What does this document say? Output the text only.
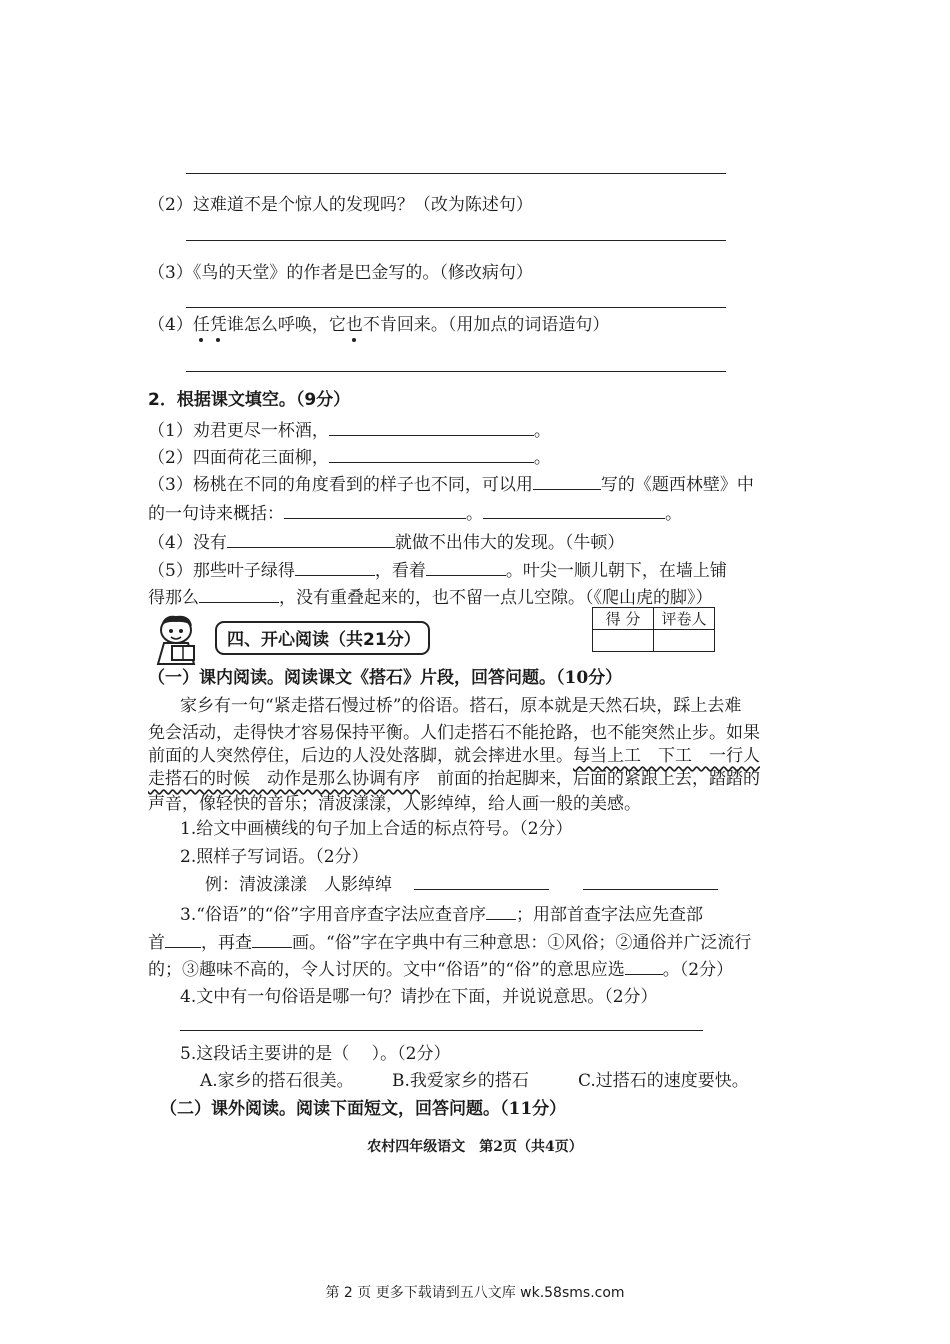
（2）这难道不是个惊人的发现吗？（改为陈述句）
（3）《鸟的天堂》的作者是巴金写的。（修改病句）
（4）任凭谁怎么呼唤，它也不肯回来。（用加点的词语造句）
2．根据课文填空。（9分）
（1）劝君更尽一杯酒，	。
（2）四面荷花三面柳，	。
（3）杨桃在不同的角度看到的样子也不同，可以用	写的《题西林壁》中
的一句诗来概括：	。	。
（4）没有	就做不出伟大的发现。（牛顿）
（5）那些叶子绿得	，看着	。叶尖一顺儿朝下，在墙上铺
得那么	，没有重叠起来的，也不留一点儿空隙。（《爬山虎的脚》）
四、开心阅读（共21分）
得 分	评卷人

（一）课内阅读。阅读课文《搭石》片段，回答问题。（10分）
家乡有一句“紧走搭石慢过桥”的俗语。搭石，原本就是天然石块，踩上去难
免会活动，走得快才容易保持平衡。人们走搭石不能抢路，也不能突然止步。如果
前面的人突然停住，后边的人没处落脚，就会摔进水里。每当上工　下工　一行人
走搭石的时候　动作是那么协调有序　前面的抬起脚来，后面的紧跟上去，踏踏的
声音，像轻快的音乐；清波漾漾，人影绰绰，给人画一般的美感。
1.给文中画横线的句子加上合适的标点符号。（2分）
2.照样子写词语。（2分）
例：清波漾漾　人影绰绰
3.“俗语”的“俗”字用音序查字法应查音序 ；用部首查字法应先查部
首 ，再查 画。“俗”字在字典中有三种意思：①风俗；②通俗并广泛流行
的；③趣味不高的，令人讨厌的。文中“俗语”的“俗”的意思应选 。（2分）
4.文中有一句俗语是哪一句？请抄在下面，并说说意思。（2分）
5.这段话主要讲的是（　 ）。（2分）
A.家乡的搭石很美。 B.我爱家乡的搭石	C.过搭石的速度要快。
（二）课外阅读。阅读下面短文，回答问题。（11分）
农村四年级语文　第2页（共4页）
第 2 页 更多下载请到五八文库 wk.58sms.com
